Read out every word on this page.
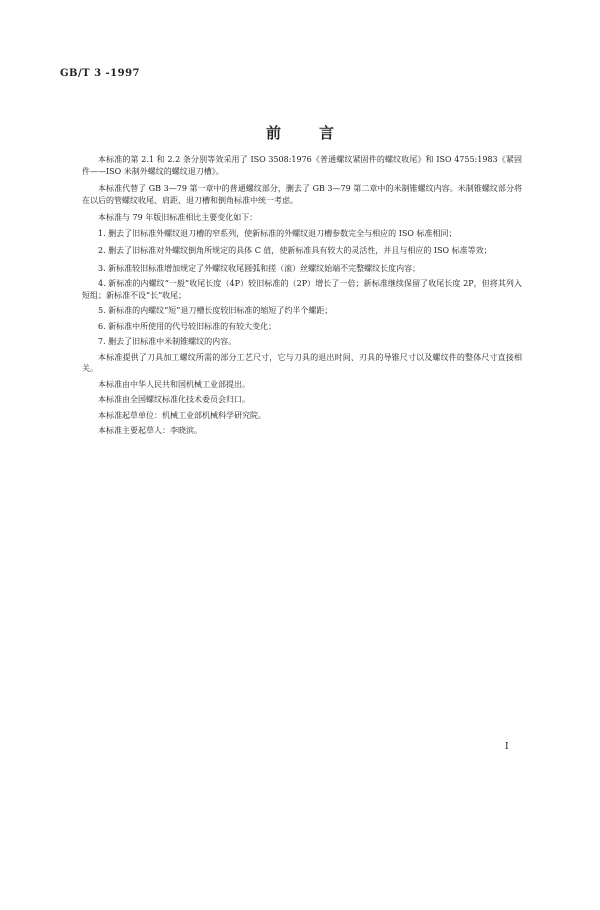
GB/T 3 -1997
前言

本标准的第 2.1 和 2.2 条分别等效采用了 ISO 3508:1976《普通螺纹紧固件的螺纹收尾》和 ISO 4755:1983《紧固件——ISO 米制外螺纹的螺纹退刀槽》。

本标准代替了 GB 3—79 第一章中的普通螺纹部分，删去了 GB 3—79 第二章中的米制锥螺纹内容。米制锥螺纹部分将在以后的管螺纹收尾、肩距、退刀槽和倒角标准中统一考虑。

本标准与 79 年版旧标准相比主要变化如下：

1. 删去了旧标准外螺纹退刀槽的窄系列，使新标准的外螺纹退刀槽参数完全与相应的 ISO 标准相同；

2. 删去了旧标准对外螺纹倒角所规定的具体 C 值，使新标准具有较大的灵活性，并且与相应的 ISO 标准等效；

3. 新标准较旧标准增加规定了外螺纹收尾圆弧和搓（滚）丝螺纹始端不完整螺纹长度内容；

4. 新标准的内螺纹“一般”收尾长度（4P）较旧标准的（2P）增长了一倍；新标准继续保留了收尾长度 2P，但将其列入短组；新标准不设“长”收尾；

5. 新标准的内螺纹“短”退刀槽长度较旧标准的缩短了约半个螺距；

6. 新标准中所使用的代号较旧标准的有较大变化；

7. 删去了旧标准中米制锥螺纹的内容。

本标准提供了刀具加工螺纹所需的部分工艺尺寸，它与刀具的退出时间、刃具的导锥尺寸以及螺纹件的整体尺寸直接相关。

本标准由中华人民共和国机械工业部提出。

本标准由全国螺纹标准化技术委员会归口。

本标准起草单位：机械工业部机械科学研究院。

本标准主要起草人：李晓滨。

I
